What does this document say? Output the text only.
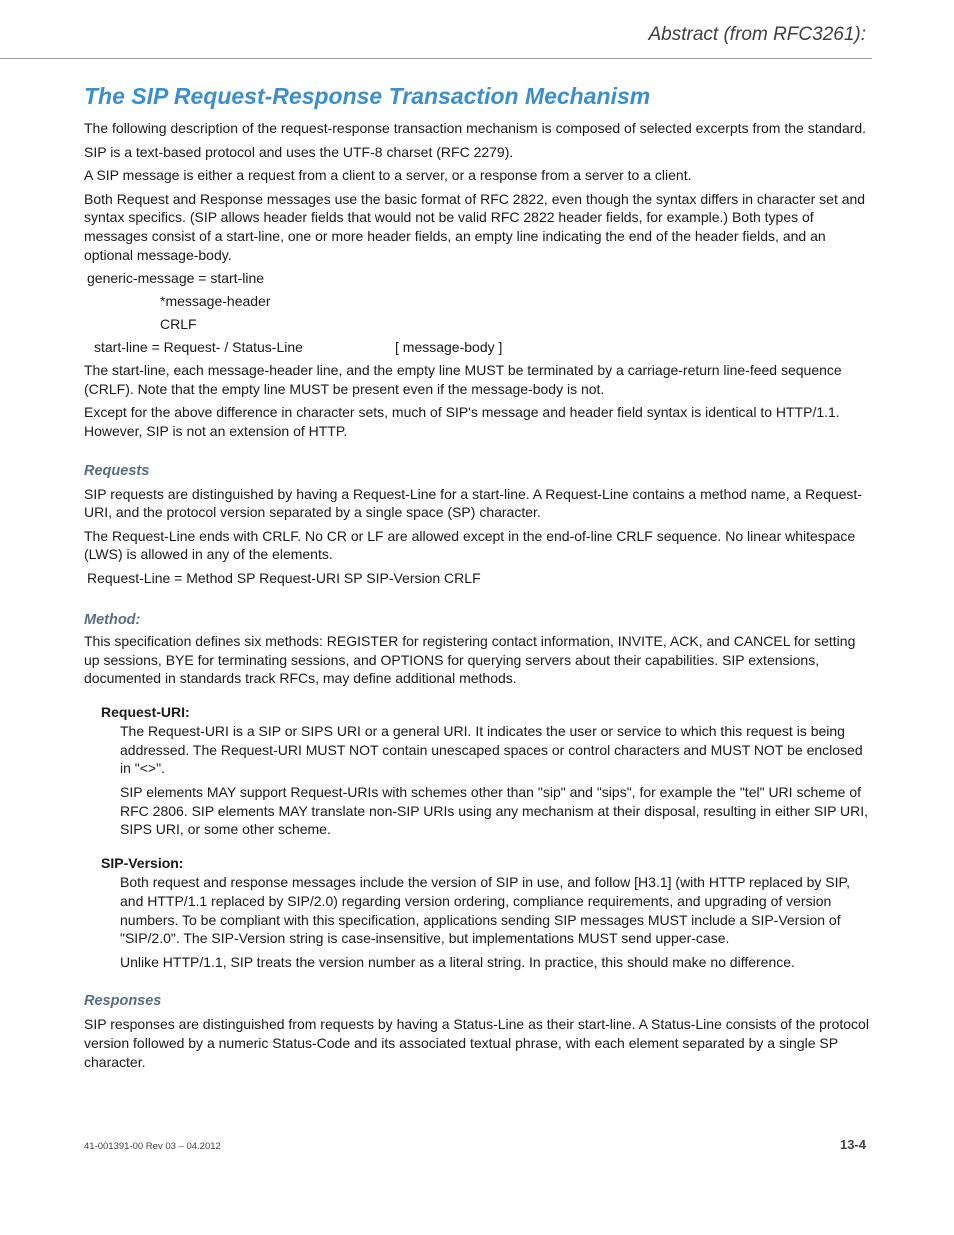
Abstract (from RFC3261):
The SIP Request-Response Transaction Mechanism

The following description of the request-response transaction mechanism is composed of selected excerpts from the standard.

SIP is a text-based protocol and uses the UTF-8 charset (RFC 2279).

A SIP message is either a request from a client to a server, or a response from a server to a client.

Both Request and Response messages use the basic format of RFC 2822, even though the syntax differs in character set and syntax specifics. (SIP allows header fields that would not be valid RFC 2822 header fields, for example.) Both types of messages consist of a start-line, one or more header fields, an empty line indicating the end of the header fields, and an optional message-body.

generic-message = start-line
*message-header
CRLF
start-line = Request- / Status-Line	[ message-body ]

The start-line, each message-header line, and the empty line MUST be terminated by a carriage-return line-feed sequence (CRLF). Note that the empty line MUST be present even if the message-body is not.

Except for the above difference in character sets, much of SIP's message and header field syntax is identical to HTTP/1.1. However, SIP is not an extension of HTTP.

Requests

SIP requests are distinguished by having a Request-Line for a start-line. A Request-Line contains a method name, a Request-URI, and the protocol version separated by a single space (SP) character.

The Request-Line ends with CRLF. No CR or LF are allowed except in the end-of-line CRLF sequence. No linear whitespace (LWS) is allowed in any of the elements.

Request-Line = Method SP Request-URI SP SIP-Version CRLF
Method:

This specification defines six methods: REGISTER for registering contact information, INVITE, ACK, and CANCEL for setting up sessions, BYE for terminating sessions, and OPTIONS for querying servers about their capabilities. SIP extensions, documented in standards track RFCs, may define additional methods.

Request-URI:

The Request-URI is a SIP or SIPS URI or a general URI. It indicates the user or service to which this request is being addressed. The Request-URI MUST NOT contain unescaped spaces or control characters and MUST NOT be enclosed in "<>".

SIP elements MAY support Request-URIs with schemes other than "sip" and "sips", for example the "tel" URI scheme of RFC 2806. SIP elements MAY translate non-SIP URIs using any mechanism at their disposal, resulting in either SIP URI, SIPS URI, or some other scheme.

SIP-Version:

Both request and response messages include the version of SIP in use, and follow [H3.1] (with HTTP replaced by SIP, and HTTP/1.1 replaced by SIP/2.0) regarding version ordering, compliance requirements, and upgrading of version numbers. To be compliant with this specification, applications sending SIP messages MUST include a SIP-Version of "SIP/2.0". The SIP-Version string is case-insensitive, but implementations MUST send upper-case.

Unlike HTTP/1.1, SIP treats the version number as a literal string. In practice, this should make no difference.

Responses

SIP responses are distinguished from requests by having a Status-Line as their start-line. A Status-Line consists of the protocol version followed by a numeric Status-Code and its associated textual phrase, with each element separated by a single SP character.

41-001391-00 Rev 03 – 04.2012	13-4
